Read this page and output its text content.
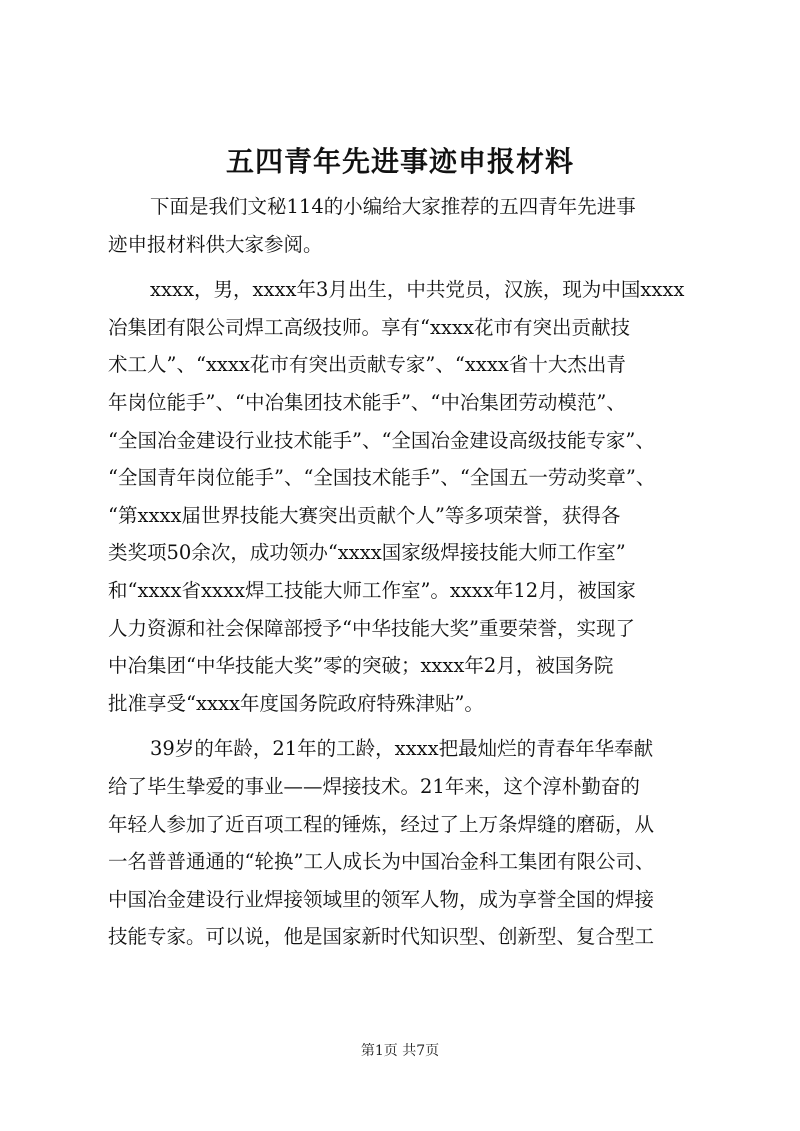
五四青年先进事迹申报材料
下面是我们文秘114的小编给大家推荐的五四青年先进事
迹申报材料供大家参阅。
xxxx，男，xxxx年3月出生，中共党员，汉族，现为中国xxxx
冶集团有限公司焊工高级技师。享有“xxxx花市有突出贡献技
术工人”、“xxxx花市有突出贡献专家”、“xxxx省十大杰出青
年岗位能手”、“中冶集团技术能手”、“中冶集团劳动模范”、
“全国冶金建设行业技术能手”、“全国冶金建设高级技能专家”、
“全国青年岗位能手”、“全国技术能手”、“全国五一劳动奖章”、
“第xxxx届世界技能大赛突出贡献个人”等多项荣誉，获得各
类奖项50余次，成功领办“xxxx国家级焊接技能大师工作室”
和“xxxx省xxxx焊工技能大师工作室”。xxxx年12月，被国家
人力资源和社会保障部授予“中华技能大奖”重要荣誉，实现了
中冶集团“中华技能大奖”零的突破；xxxx年2月，被国务院
批准享受“xxxx年度国务院政府特殊津贴”。
39岁的年龄，21年的工龄，xxxx把最灿烂的青春年华奉献
给了毕生挚爱的事业——焊接技术。21年来，这个淳朴勤奋的
年轻人参加了近百项工程的锤炼，经过了上万条焊缝的磨砺，从
一名普普通通的“轮换”工人成长为中国冶金科工集团有限公司、
中国冶金建设行业焊接领域里的领军人物，成为享誉全国的焊接
技能专家。可以说，他是国家新时代知识型、创新型、复合型工
第1页 共7页
